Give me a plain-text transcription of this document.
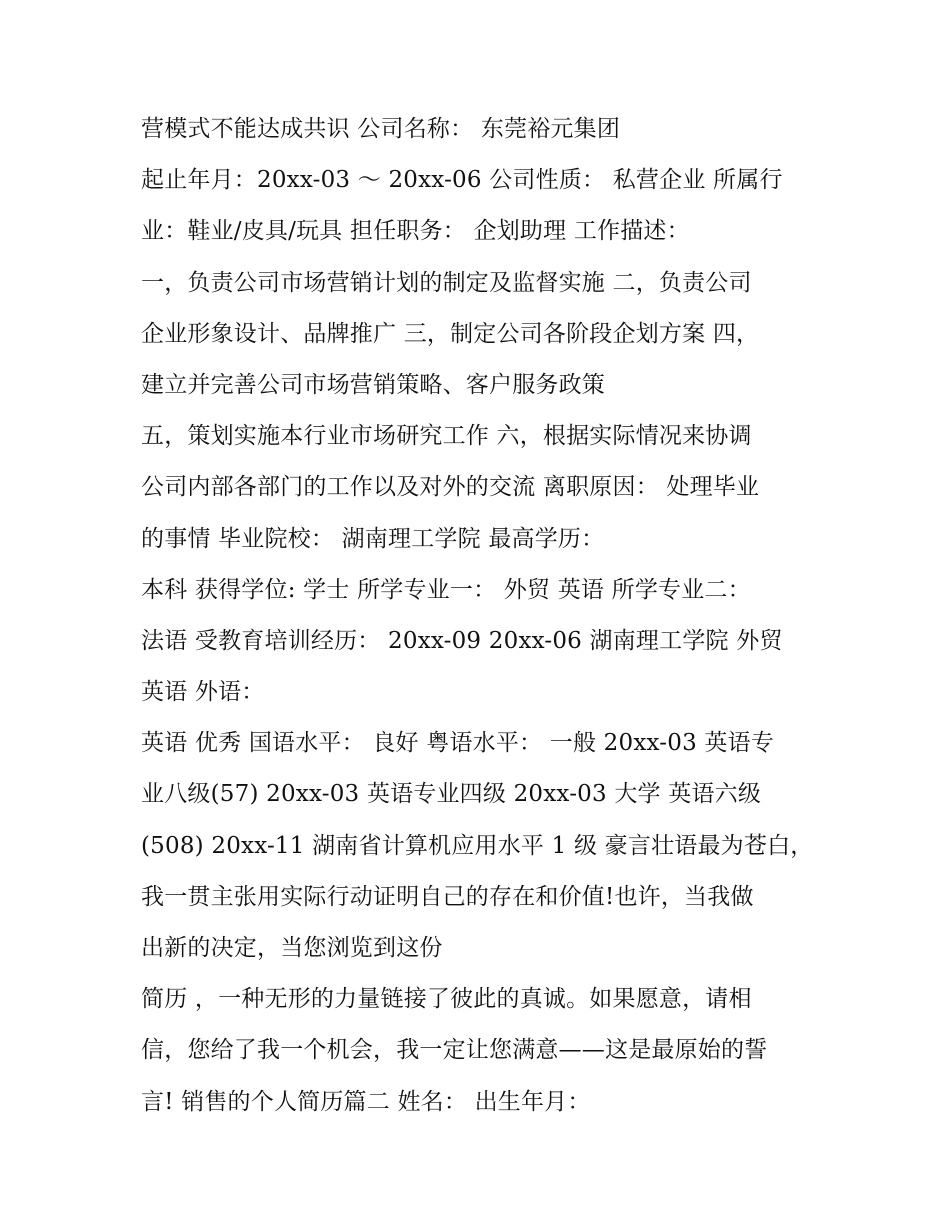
营模式不能达成共识 公司名称： 东莞裕元集团
起止年月：20xx-03 ～ 20xx-06 公司性质： 私营企业 所属行
业：鞋业/皮具/玩具 担任职务： 企划助理 工作描述：
一，负责公司市场营销计划的制定及监督实施 二，负责公司
企业形象设计、品牌推广 三，制定公司各阶段企划方案 四，
建立并完善公司市场营销策略、客户服务政策
五，策划实施本行业市场研究工作 六，根据实际情况来协调
公司内部各部门的工作以及对外的交流 离职原因： 处理毕业
的事情 毕业院校： 湖南理工学院 最高学历：
本科 获得学位: 学士 所学专业一： 外贸 英语 所学专业二：
法语 受教育培训经历： 20xx-09 20xx-06 湖南理工学院 外贸
英语 外语：
英语 优秀 国语水平： 良好 粤语水平： 一般 20xx-03 英语专
业八级(57) 20xx-03 英语专业四级 20xx-03 大学 英语六级
(508) 20xx-11 湖南省计算机应用水平 1 级 豪言壮语最为苍白，
我一贯主张用实际行动证明自己的存在和价值!也许，当我做
出新的决定，当您浏览到这份
简历 ，一种无形的力量链接了彼此的真诚。如果愿意，请相
信，您给了我一个机会，我一定让您满意——这是最原始的誓
言! 销售的个人简历篇二 姓名： 出生年月：
